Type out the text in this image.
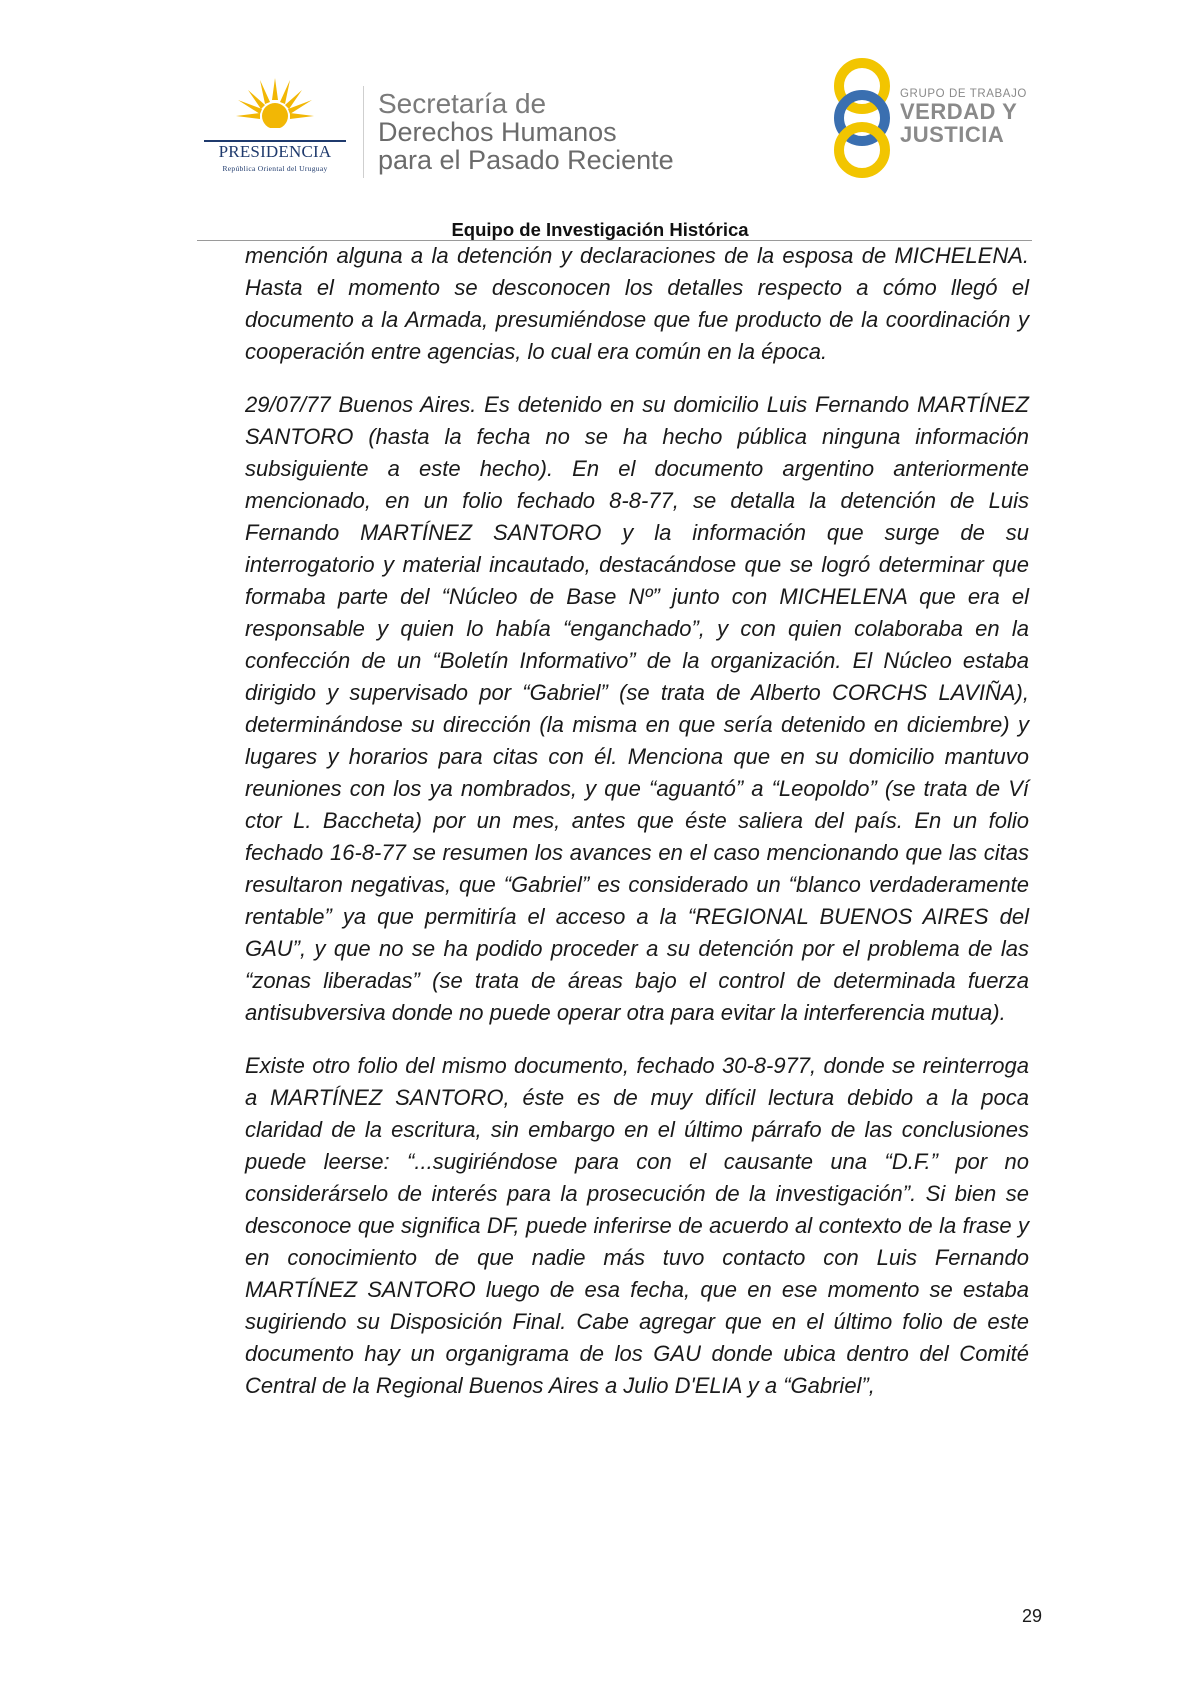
PRESIDENCIA
República Oriental del Uruguay
Secretaría de
Derechos Humanos
para el Pasado Reciente
GRUPO DE TRABAJO
VERDAD Y
JUSTICIA
Equipo de Investigación Histórica

mención alguna a la detención y declaraciones de la esposa de MICHELENA. Hasta el momento se desconocen los detalles respecto a cómo llegó el documento a la Armada, presumiéndose que fue producto de la coordinación y cooperación entre agencias, lo cual era común en la época.

29/07/77 Buenos Aires. Es detenido en su domicilio Luis Fernando MARTÍNEZ SANTORO (hasta la fecha no se ha hecho pública ninguna información subsiguiente a este hecho). En el documento argentino anteriormente mencionado, en un folio fechado 8-8-77, se detalla la detención de Luis Fernando MARTÍNEZ SANTORO y la información que surge de su interrogatorio y material incautado, destacándose que se logró determinar que formaba parte del “Núcleo de Base Nº” junto con MICHELENA que era el responsable y quien lo había “enganchado”, y con quien colaboraba en la confección de un “Boletín Informativo” de la organización. El Núcleo estaba dirigido y supervisado por “Gabriel” (se trata de Alberto CORCHS LAVIÑA), determinándose su dirección (la misma en que sería detenido en diciembre) y lugares y horarios para citas con él. Menciona que en su domicilio mantuvo reuniones con los ya nombrados, y que “aguantó” a “Leopoldo” (se trata de Ví ctor L. Baccheta) por un mes, antes que éste saliera del país. En un folio fechado 16-8-77 se resumen los avances en el caso mencionando que las citas resultaron negativas, que “Gabriel” es considerado un “blanco verdaderamente rentable” ya que permitiría el acceso a la “REGIONAL BUENOS AIRES del GAU”, y que no se ha podido proceder a su detención por el problema de las “zonas liberadas” (se trata de áreas bajo el control de determinada fuerza antisubversiva donde no puede operar otra para evitar la interferencia mutua).

Existe otro folio del mismo documento, fechado 30-8-977, donde se reinterroga a MARTÍNEZ SANTORO, éste es de muy difícil lectura debido a la poca claridad de la escritura, sin embargo en el último párrafo de las conclusiones puede leerse: “...sugiriéndose para con el causante una “D.F.” por no considerárselo de interés para la prosecución de la investigación”. Si bien se desconoce que significa DF, puede inferirse de acuerdo al contexto de la frase y en conocimiento de que nadie más tuvo contacto con Luis Fernando MARTÍNEZ SANTORO luego de esa fecha, que en ese momento se estaba sugiriendo su Disposición Final. Cabe agregar que en el último folio de este documento hay un organigrama de los GAU donde ubica dentro del Comité Central de la Regional Buenos Aires a Julio D'ELIA y a “Gabriel”,

29
